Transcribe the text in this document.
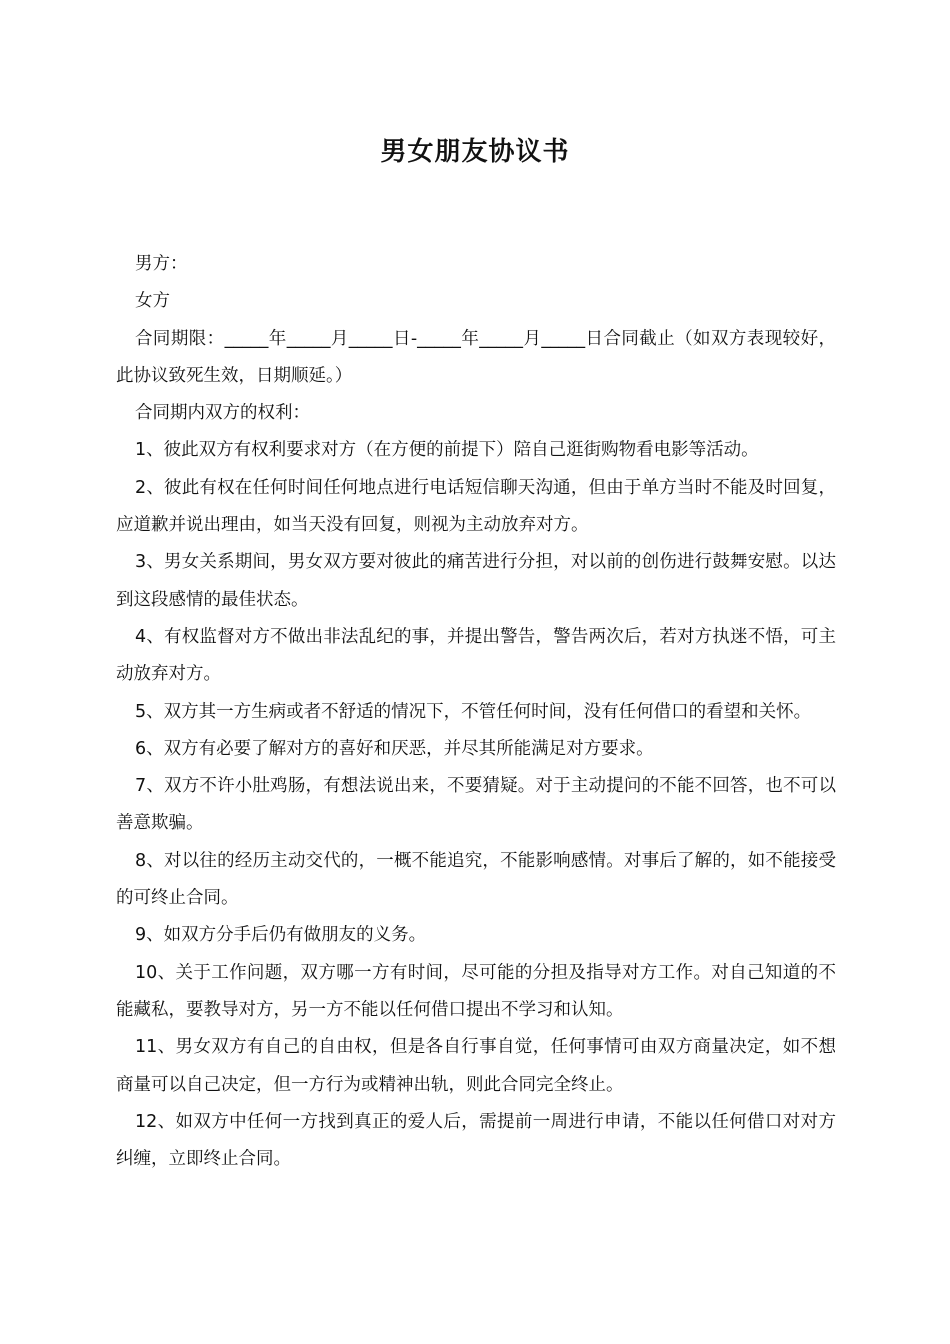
男女朋友协议书

男方：

女方

合同期限：_____年_____月_____日-_____年_____月_____日合同截止（如双方表现较好，此协议致死生效，日期顺延。）

合同期内双方的权利：

1、彼此双方有权利要求对方（在方便的前提下）陪自己逛街购物看电影等活动。

2、彼此有权在任何时间任何地点进行电话短信聊天沟通，但由于单方当时不能及时回复，应道歉并说出理由，如当天没有回复，则视为主动放弃对方。

3、男女关系期间，男女双方要对彼此的痛苦进行分担，对以前的创伤进行鼓舞安慰。以达到这段感情的最佳状态。

4、有权监督对方不做出非法乱纪的事，并提出警告，警告两次后，若对方执迷不悟，可主动放弃对方。

5、双方其一方生病或者不舒适的情况下，不管任何时间，没有任何借口的看望和关怀。

6、双方有必要了解对方的喜好和厌恶，并尽其所能满足对方要求。

7、双方不许小肚鸡肠，有想法说出来，不要猜疑。对于主动提问的不能不回答，也不可以善意欺骗。

8、对以往的经历主动交代的，一概不能追究，不能影响感情。对事后了解的，如不能接受的可终止合同。

9、如双方分手后仍有做朋友的义务。

10、关于工作问题，双方哪一方有时间，尽可能的分担及指导对方工作。对自己知道的不能藏私，要教导对方，另一方不能以任何借口提出不学习和认知。

11、男女双方有自己的自由权，但是各自行事自觉，任何事情可由双方商量决定，如不想商量可以自己决定，但一方行为或精神出轨，则此合同完全终止。

12、如双方中任何一方找到真正的爱人后，需提前一周进行申请，不能以任何借口对对方纠缠，立即终止合同。
